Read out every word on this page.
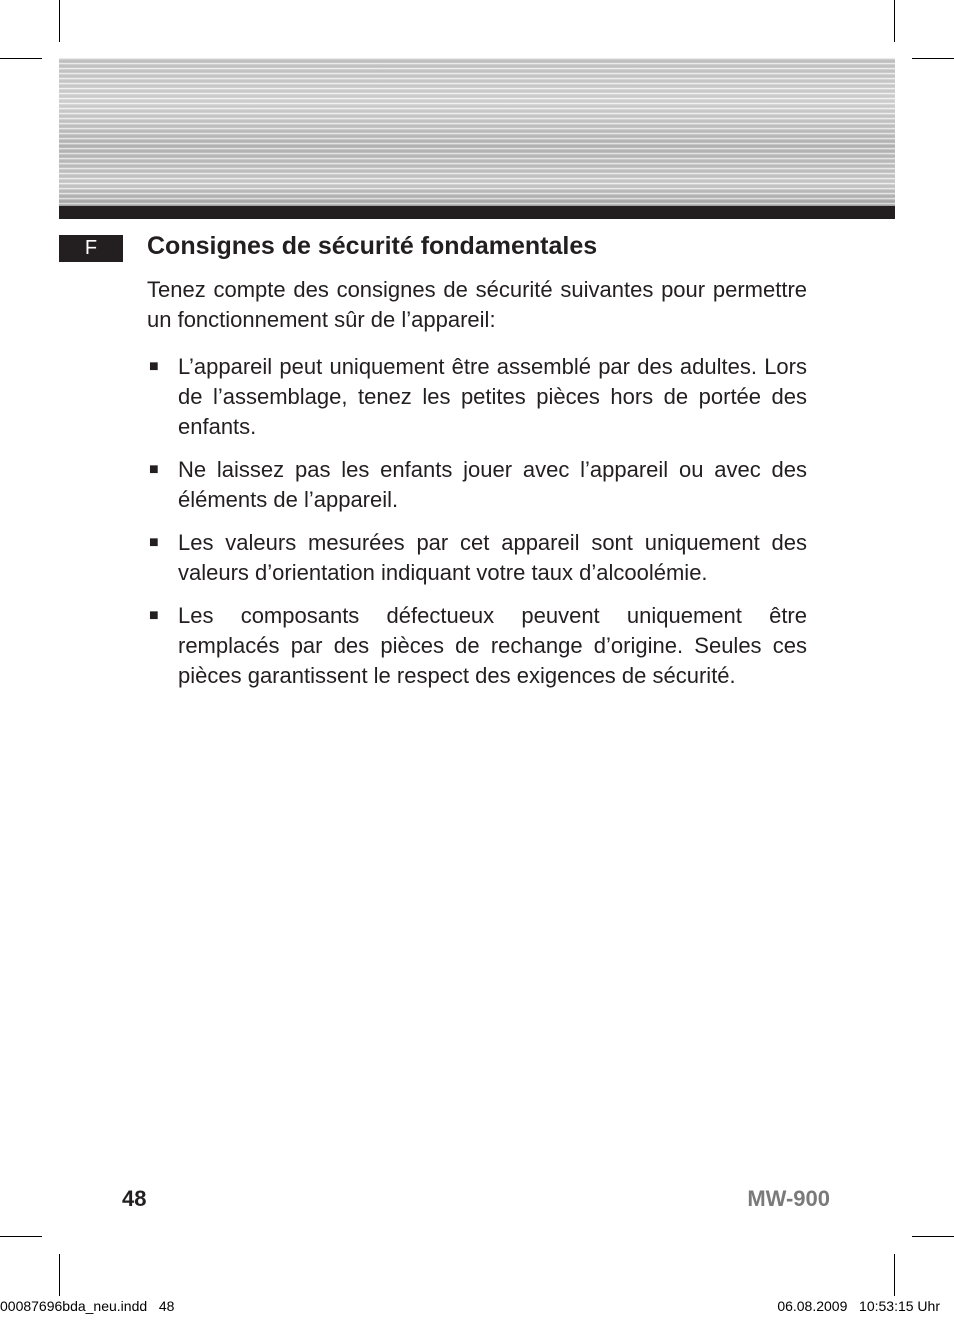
F	Consignes de sécurité fondamentales

Tenez compte des consignes de sécurité suivantes pour permettre un fonctionnement sûr de l’appareil:

■ L’appareil peut uniquement être assemblé par des adultes. Lors de l’assemblage, tenez les petites pièces hors de portée des enfants.
■ Ne laissez pas les enfants jouer avec l’appareil ou avec des éléments de l’appareil.
■ Les valeurs mesurées par cet appareil sont uniquement des valeurs d’orientation indiquant votre taux d’alcoolémie.
■ Les composants défectueux peuvent uniquement être remplacés par des pièces de rechange d’origine. Seules ces pièces garantissent le respect des exigences de sécurité.
48	MW-900
00087696bda_neu.indd   48	06.08.2009   10:53:15 Uhr
